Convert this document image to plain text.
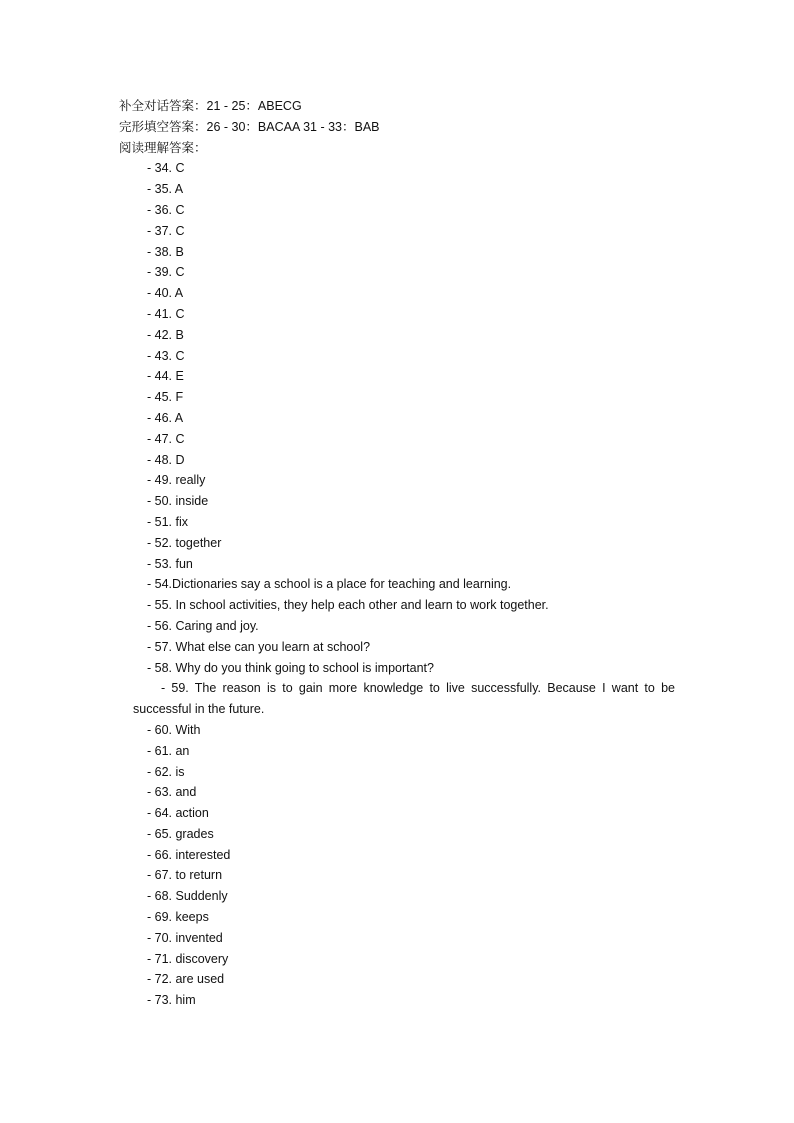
补全对话答案：21 - 25：ABECG
完形填空答案：26 - 30：BACAA 31 - 33：BAB
阅读理解答案：
- 34. C
- 35. A
- 36. C
- 37. C
- 38. B
- 39. C
- 40. A
- 41. C
- 42. B
- 43. C
- 44. E
- 45. F
- 46. A
- 47. C
- 48. D
- 49. really
- 50. inside
- 51. fix
- 52. together
- 53. fun
- 54.Dictionaries say a school is a place for teaching and learning.
- 55. In school activities, they help each other and learn to work together.
- 56. Caring and joy.
- 57. What else can you learn at school?
- 58. Why do you think going to school is important?
- 59. The reason is to gain more knowledge to live successfully. Because I want to be successful in the future.
- 60. With
- 61. an
- 62. is
- 63. and
- 64. action
- 65. grades
- 66. interested
- 67. to return
- 68. Suddenly
- 69. keeps
- 70. invented
- 71. discovery
- 72. are used
- 73. him
